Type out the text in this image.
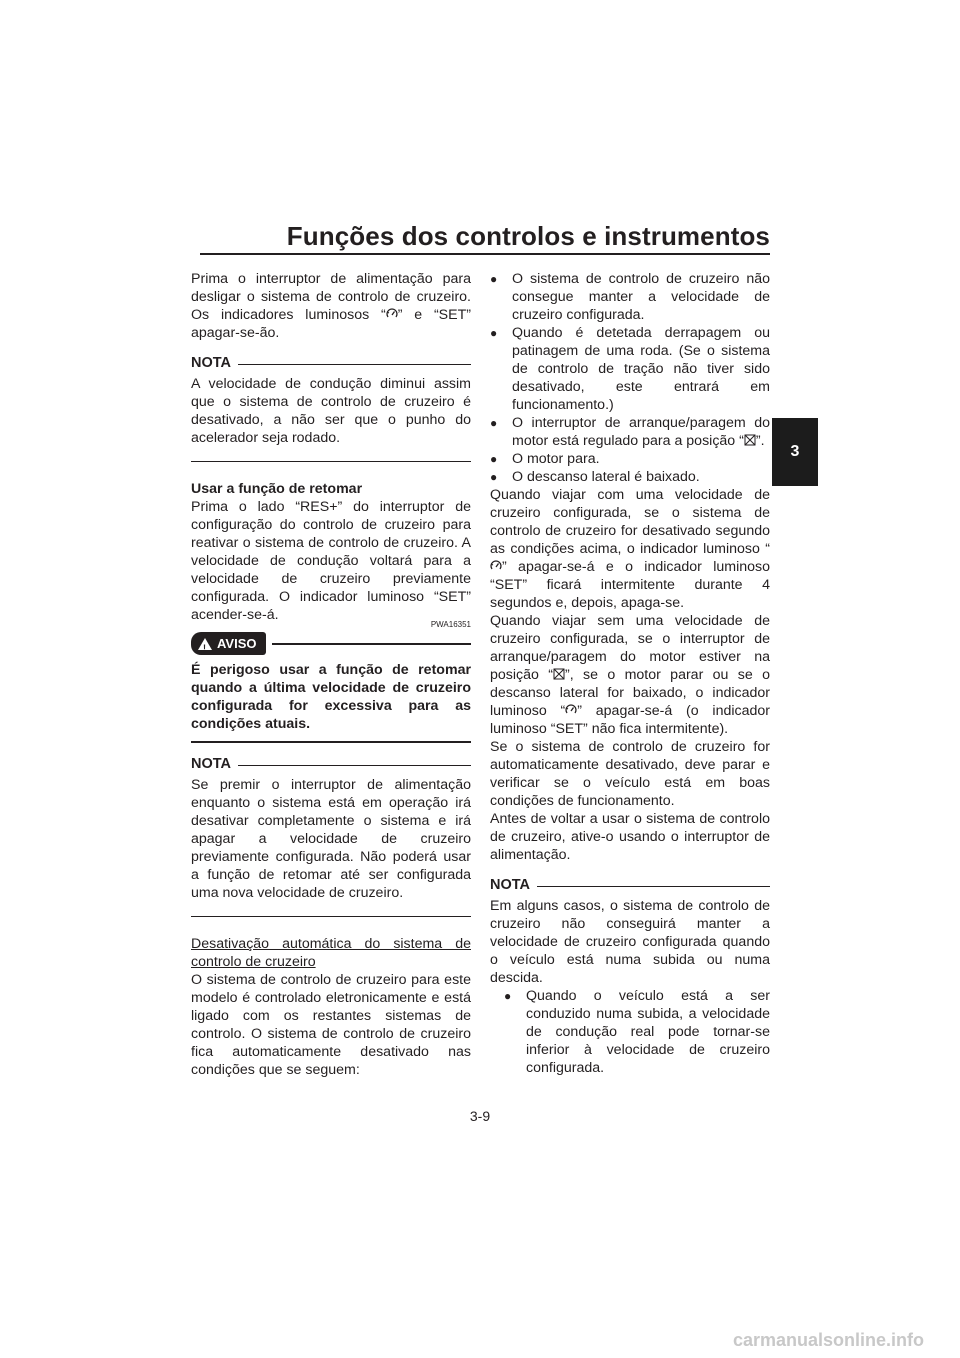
Funções dos controlos e instrumentos
3

Prima o interruptor de alimentação para desligar o sistema de controlo de cruzeiro. Os indicadores luminosos “ ” e “SET” apagar-se-ão.

NOTA

A velocidade de condução diminui assim que o sistema de controlo de cruzeiro é desativado, a não ser que o punho do acelerador seja rodado.

Usar a função de retomar

Prima o lado “RES+” do interruptor de configuração do controlo de cruzeiro para reativar o sistema de controlo de cruzeiro. A velocidade de condução voltará para a velocidade de cruzeiro previamente configurada. O indicador luminoso “SET” acender-se-á.

PWA16351
!
AVISO

É perigoso usar a função de retomar quando a última velocidade de cruzeiro configurada for excessiva para as condições atuais.

NOTA

Se premir o interruptor de alimentação enquanto o sistema está em operação irá desativar completamente o sistema e irá apagar a velocidade de cruzeiro previamente configurada. Não poderá usar a função de retomar até ser configurada uma nova velocidade de cruzeiro.

Desativação automática do sistema de controlo de cruzeiro

O sistema de controlo de cruzeiro para este modelo é controlado eletronicamente e está ligado com os restantes sistemas de controlo. O sistema de controlo de cruzeiro fica automaticamente desativado nas condições que se seguem:

●	O sistema de controlo de cruzeiro não consegue manter a velocidade de cruzeiro configurada.
●	Quando é detetada derrapagem ou patinagem de uma roda. (Se o sistema de controlo de tração não tiver sido desativado, este entrará em funcionamento.)
●	O interruptor de arranque/paragem do motor está regulado para a posição “ ”.
●	O motor para.
●	O descanso lateral é baixado.

Quando viajar com uma velocidade de cruzeiro configurada, se o sistema de controlo de cruzeiro for desativado segundo as condições acima, o indicador luminoso “” apagar-se-á e o indicador luminoso “SET” ficará intermitente durante 4 segundos e, depois, apaga-se.

Quando viajar sem uma velocidade de cruzeiro configurada, se o interruptor de arranque/paragem do motor estiver na posição “ ”, se o motor parar ou se o descanso lateral for baixado, o indicador luminoso “ ” apagar-se-á (o indicador luminoso “SET” não fica intermitente).

Se o sistema de controlo de cruzeiro for automaticamente desativado, deve parar e verificar se o veículo está em boas condições de funcionamento.

Antes de voltar a usar o sistema de controlo de cruzeiro, ative-o usando o interruptor de alimentação.

NOTA

Em alguns casos, o sistema de controlo de cruzeiro não conseguirá manter a velocidade de cruzeiro configurada quando o veículo está numa subida ou numa descida.

●	Quando o veículo está a ser conduzido numa subida, a velocidade de condução real pode tornar-se inferior à velocidade de cruzeiro configurada.
3-9
carmanualsonline.info
